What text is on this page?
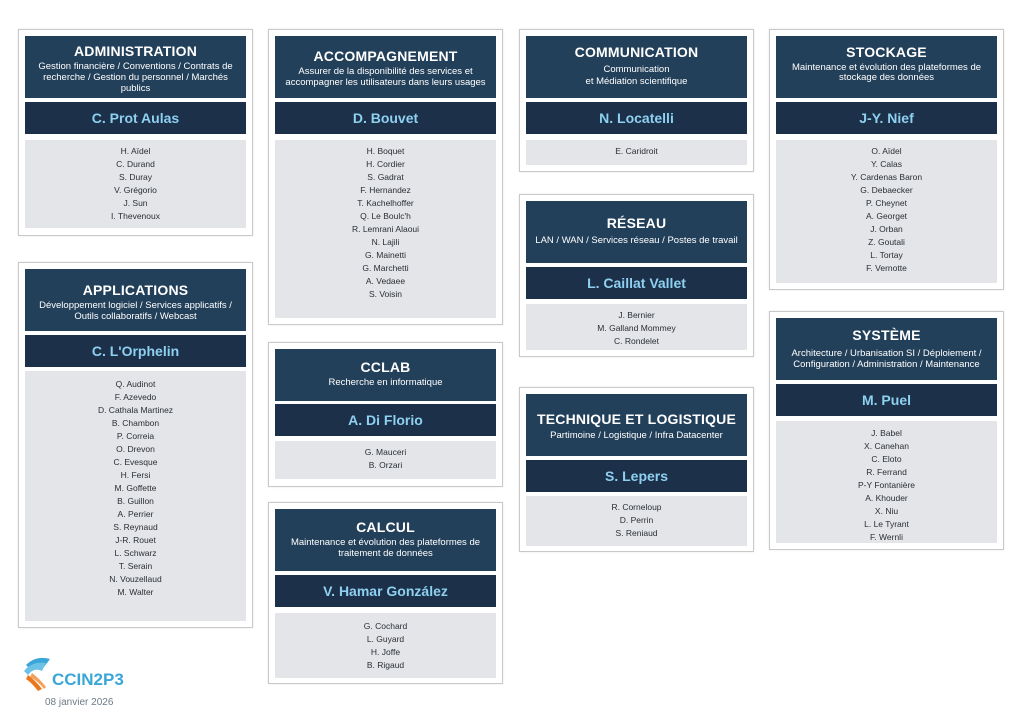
ADMINISTRATION
Gestion financière / Conventions / Contrats de
recherche / Gestion du personnel / Marchés publics
C. Prot Aulas
H. Aïdel
C. Durand
S. Duray
V. Grégorio
J. Sun
I. Thevenoux
APPLICATIONS
Développement logiciel / Services applicatifs /
Outils collaboratifs / Webcast
C. L'Orphelin
Q. Audinot
F. Azevedo
D. Cathala Martinez
B. Chambon
P. Correia
O. Drevon
C. Evesque
H. Fersi
M. Goffette
B. Guillon
A. Perrier
S. Reynaud
J-R. Rouet
L. Schwarz
T. Serain
N. Vouzellaud
M. Walter
ACCOMPAGNEMENT
Assurer de la disponibilité des services et
accompagner les utilisateurs dans leurs usages
D. Bouvet
H. Boquet
H. Cordier
S. Gadrat
F. Hernandez
T. Kachelhoffer
Q. Le Boulc'h
R. Lemrani Alaoui
N. Lajili
G. Mainetti
G. Marchetti
A. Vedaee
S. Voisin
CCLAB
Recherche en informatique
A. Di Florio
G. Mauceri
B. Orzari
CALCUL
Maintenance et évolution des plateformes de
traitement de données
V. Hamar González
G. Cochard
L. Guyard
H. Joffe
B. Rigaud
COMMUNICATION
Communication
et Médiation scientifique
N. Locatelli
E. Caridroit
RÉSEAU
LAN / WAN / Services réseau / Postes de travail
L. Caillat Vallet
J. Bernier
M. Galland Mommey
C. Rondelet
TECHNIQUE ET LOGISTIQUE
Partimoine / Logistique / Infra Datacenter
S. Lepers
R. Corneloup
D. Perrin
S. Reniaud
STOCKAGE
Maintenance et évolution des plateformes de
stockage des données
J-Y. Nief
O. Aïdel
Y. Calas
Y. Cardenas Baron
G. Debaecker
P. Cheynet
A. Georget
J. Orban
Z. Goutali
L. Tortay
F. Vernotte
SYSTÈME
Architecture / Urbanisation SI / Déploiement /
Configuration / Administration / Maintenance
M. Puel
J. Babel
X. Canehan
C. Eloto
R. Ferrand
P-Y Fontanière
A. Khouder
X. Niu
L. Le Tyrant
F. Wernli
CCIN2P3
08 janvier 2026
